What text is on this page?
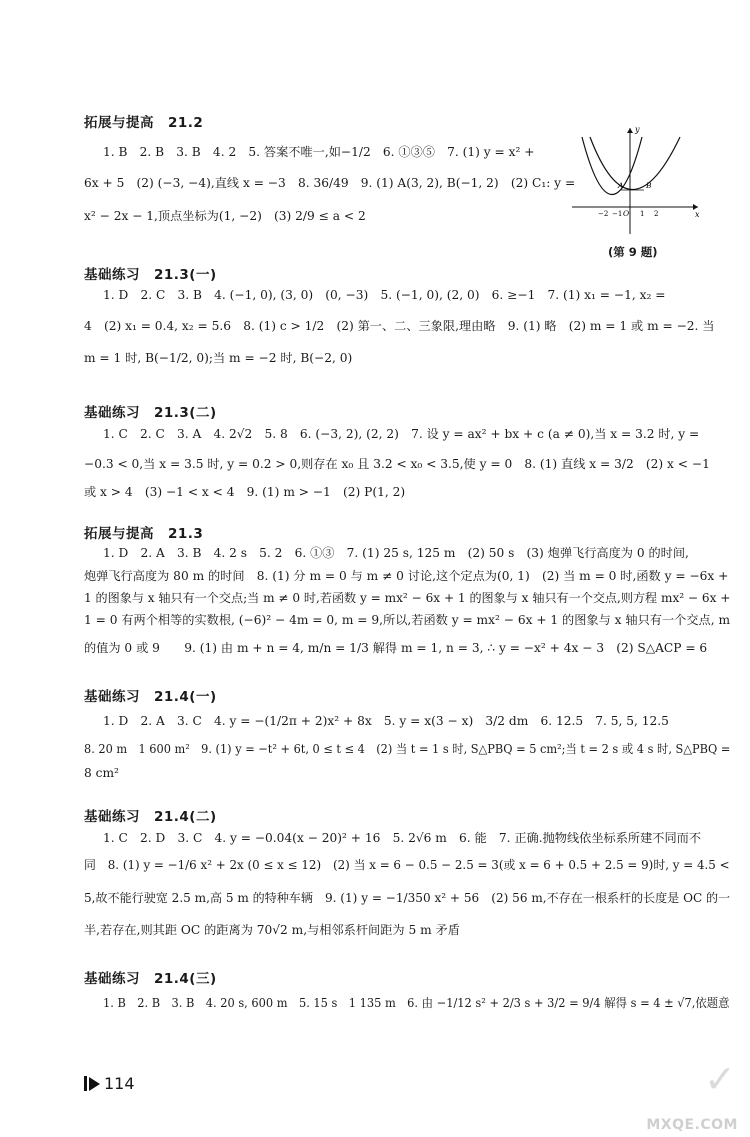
拓展与提高　21.2
1. B　2. B　3. B　4. 2　5. 答案不唯一,如−1/2　6. ①③⑤　7. (1) y = x² +
6x + 5　(2) (−3, −4),直线 x = −3　8. 36/49　9. (1) A(3, 2), B(−1, 2)　(2) C₁: y =
x² − 2x − 1,顶点坐标为(1, −2)　(3) 2/9 ≤ a < 2
y
x
A	B
O
−2 −1	1 2
(第 9 题)
基础练习　21.3(一)
1. D　2. C　3. B　4. (−1, 0), (3, 0)　(0, −3)　5. (−1, 0), (2, 0)　6. ≥−1　7. (1) x₁ = −1, x₂ =
4　(2) x₁ = 0.4, x₂ = 5.6　8. (1) c > 1/2　(2) 第一、二、三象限,理由略　9. (1) 略　(2) m = 1 或 m = −2. 当
m = 1 时, B(−1/2, 0);当 m = −2 时, B(−2, 0)
基础练习　21.3(二)
1. C　2. C　3. A　4. 2√2　5. 8　6. (−3, 2), (2, 2)　7. 设 y = ax² + bx + c (a ≠ 0),当 x = 3.2 时, y =
−0.3 < 0,当 x = 3.5 时, y = 0.2 > 0,则存在 x₀ 且 3.2 < x₀ < 3.5,使 y = 0　8. (1) 直线 x = 3/2　(2) x < −1
或 x > 4　(3) −1 < x < 4　9. (1) m > −1　(2) P(1, 2)
拓展与提高　21.3
1. D　2. A　3. B　4. 2 s　5. 2　6. ①③　7. (1) 25 s, 125 m　(2) 50 s　(3) 炮弹飞行高度为 0 的时间,
炮弹飞行高度为 80 m 的时间　8. (1) 分 m = 0 与 m ≠ 0 讨论,这个定点为(0, 1)　(2) 当 m = 0 时,函数 y = −6x +
1 的图象与 x 轴只有一个交点;当 m ≠ 0 时,若函数 y = mx² − 6x + 1 的图象与 x 轴只有一个交点,则方程 mx² − 6x +
1 = 0 有两个相等的实数根, (−6)² − 4m = 0, m = 9,所以,若函数 y = mx² − 6x + 1 的图象与 x 轴只有一个交点, m
的值为 0 或 9　　9. (1) 由 m + n = 4, m/n = 1/3 解得 m = 1, n = 3, ∴ y = −x² + 4x − 3　(2) S△ACP = 6
基础练习　21.4(一)
1. D　2. A　3. C　4. y = −(1/2π + 2)x² + 8x　5. y = x(3 − x)　3/2 dm　6. 12.5　7. 5, 5, 12.5
8. 20 m　1 600 m²　9. (1) y = −t² + 6t, 0 ≤ t ≤ 4　(2) 当 t = 1 s 时, S△PBQ = 5 cm²;当 t = 2 s 或 4 s 时, S△PBQ =
8 cm²
基础练习　21.4(二)
1. C　2. D　3. C　4. y = −0.04(x − 20)² + 16　5. 2√6 m　6. 能　7. 正确.抛物线依坐标系所建不同而不
同　8. (1) y = −1/6 x² + 2x (0 ≤ x ≤ 12)　(2) 当 x = 6 − 0.5 − 2.5 = 3(或 x = 6 + 0.5 + 2.5 = 9)时, y = 4.5 <
5,故不能行驶宽 2.5 m,高 5 m 的特种车辆　9. (1) y = −1/350 x² + 56　(2) 56 m,不存在一根系杆的长度是 OC 的一
半,若存在,则其距 OC 的距离为 70√2 m,与相邻系杆间距为 5 m 矛盾
基础练习　21.4(三)
1. B　2. B　3. B　4. 20 s, 600 m　5. 15 s　1 135 m　6. 由 −1/12 s² + 2/3 s + 3/2 = 9/4 解得 s = 4 ± √7,依题意
114	✓
MXQE.COM
